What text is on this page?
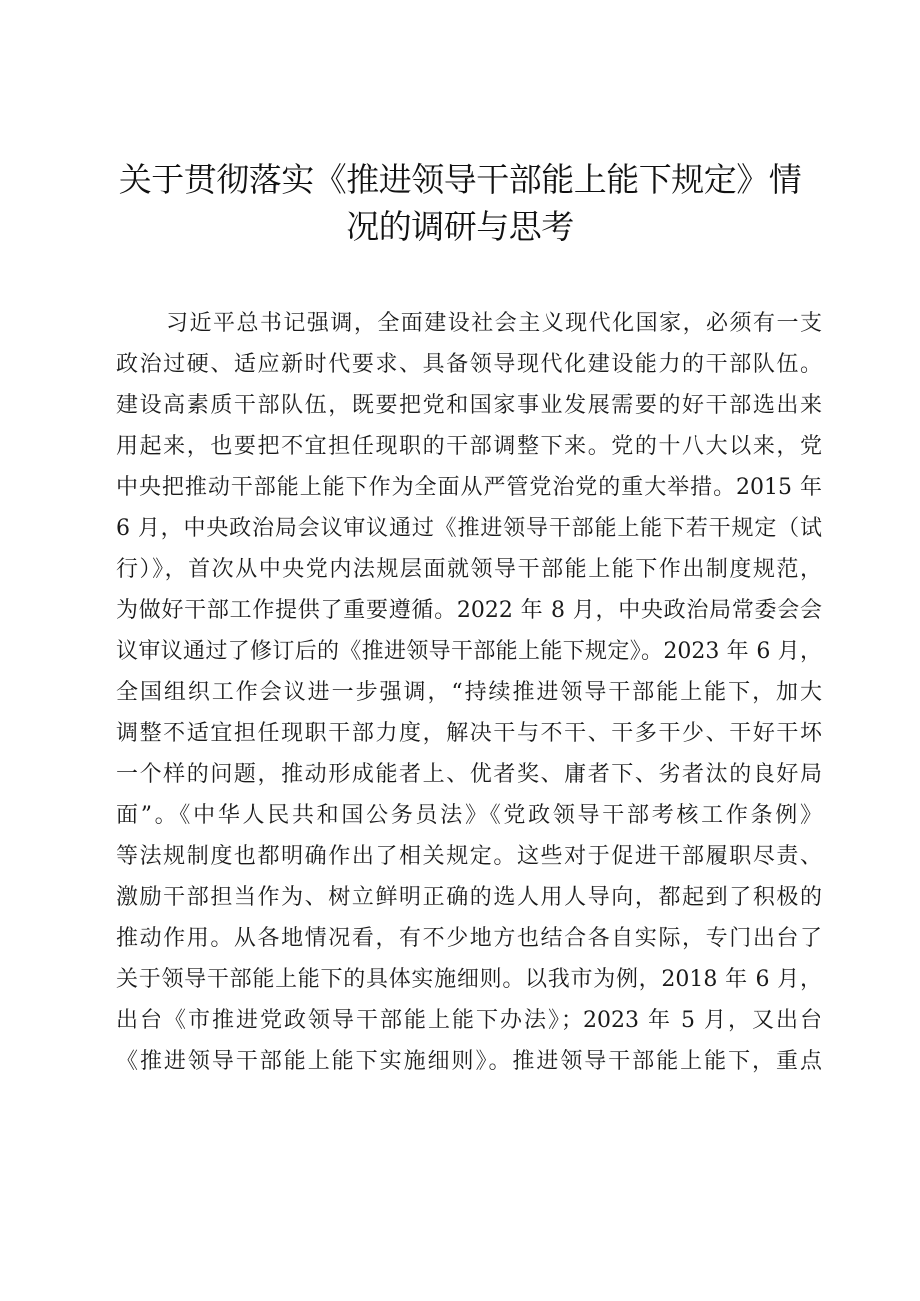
关于贯彻落实《推进领导干部能上能下规定》情
况的调研与思考
习近平总书记强调，全面建设社会主义现代化国家，必须有一支
政治过硬、适应新时代要求、具备领导现代化建设能力的干部队伍。
建设高素质干部队伍，既要把党和国家事业发展需要的好干部选出来
用起来，也要把不宜担任现职的干部调整下来。党的十八大以来，党
中央把推动干部能上能下作为全面从严管党治党的重大举措。2015 年
6 月，中央政治局会议审议通过《推进领导干部能上能下若干规定（试
行）》，首次从中央党内法规层面就领导干部能上能下作出制度规范，
为做好干部工作提供了重要遵循。2022 年 8 月，中央政治局常委会会
议审议通过了修订后的《推进领导干部能上能下规定》。2023 年 6 月，
全国组织工作会议进一步强调，“持续推进领导干部能上能下，加大
调整不适宜担任现职干部力度，解决干与不干、干多干少、干好干坏
一个样的问题，推动形成能者上、优者奖、庸者下、劣者汰的良好局
面”。《中华人民共和国公务员法》《党政领导干部考核工作条例》
等法规制度也都明确作出了相关规定。这些对于促进干部履职尽责、
激励干部担当作为、树立鲜明正确的选人用人导向，都起到了积极的
推动作用。从各地情况看，有不少地方也结合各自实际，专门出台了
关于领导干部能上能下的具体实施细则。以我市为例，2018 年 6 月，
出台《市推进党政领导干部能上能下办法》；2023 年 5 月，又出台
《推进领导干部能上能下实施细则》。推进领导干部能上能下，重点
